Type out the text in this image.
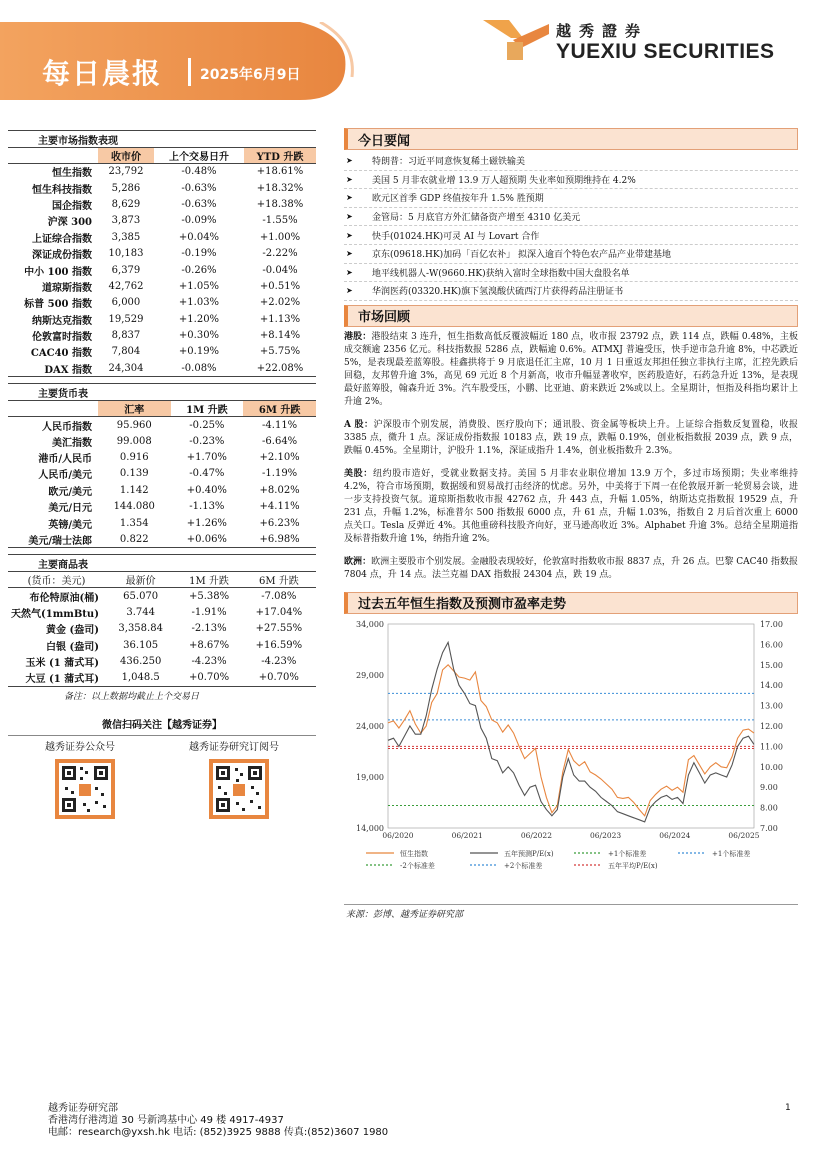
每日晨报	2025年6月9日
越秀證券
YUEXIU SECURITIES
主要市场指数表现
	收市价	上个交易日升	YTD 升跌
恒生指数	23,792	-0.48%	+18.61%
恒生科技指数	5,286	-0.63%	+18.32%
国企指数	8,629	-0.63%	+18.38%
沪深 300	3,873	-0.09%	-1.55%
上证综合指数	3,385	+0.04%	+1.00%
深证成份指数	10,183	-0.19%	-2.22%
中小 100 指数	6,379	-0.26%	-0.04%
道琼斯指数	42,762	+1.05%	+0.51%
标普 500 指数	6,000	+1.03%	+2.02%
纳斯达克指数	19,529	+1.20%	+1.13%
伦敦富时指数	8,837	+0.30%	+8.14%
CAC40 指数	7,804	+0.19%	+5.75%
DAX 指数	24,304	-0.08%	+22.08%
主要货币表
	汇率	1M 升跌	6M 升跌
人民币指数	95.960	-0.25%	-4.11%
美汇指数	99.008	-0.23%	-6.64%
港币/人民币	0.916	+1.70%	+2.10%
人民币/美元	0.139	-0.47%	-1.19%
欧元/美元	1.142	+0.40%	+8.02%
美元/日元	144.080	-1.13%	+4.11%
英镑/美元	1.354	+1.26%	+6.23%
美元/瑞士法郎	0.822	+0.06%	+6.98%
主要商品表
(货币：美元)	最新价	1M 升跌	6M 升跌
布伦特原油(桶)	65.070	+5.38%	-7.08%
天然气(1mmBtu)	3.744	-1.91%	+17.04%
黄金 (盎司)	3,358.84	-2.13%	+27.55%
白银 (盎司)	36.105	+8.67%	+16.59%
玉米 (1 蒲式耳)	436.250	-4.23%	-4.23%
大豆 (1 蒲式耳)	1,048.5	+0.70%	+0.70%
备注：以上数据均截止上个交易日
微信扫码关注【越秀证券】
越秀证券公众号	越秀证券研究订阅号
今日要闻
➤	特朗普：习近平同意恢复稀土磁铁输美
➤	美国 5 月非农就业增 13.9 万人超预期 失业率如预期维持在 4.2%
➤	欧元区首季 GDP 终值按年升 1.5% 胜预期
➤	金管局：5 月底官方外汇储备资产增至 4310 亿美元
➤	快手(01024.HK)可灵 AI 与 Lovart 合作
➤	京东(09618.HK)加码「百亿农补」 拟深入逾百个特色农产品产业带建基地
➤	地平线机器人-W(9660.HK)获纳入富时全球指数中国大盘股名单
➤	华润医药(03320.HK)旗下氢溴酸伏硫西汀片获得药品注册证书
市场回顾

港股：港股结束 3 连升，恒生指数高低反覆波幅近 180 点，收市报 23792 点，跌 114 点，跌幅 0.48%，主板成交额逾 2356 亿元。科技指数报 5286 点，跌幅逾 0.6%。ATMXJ 普遍受压，快手逆市急升逾 8%，中芯跌近 5%，是表现最差蓝筹股。桂鑫拱将于 9 月底退任汇主席，10 月 1 日重返友邦担任独立非执行主席，汇控先跌后回稳，友邦曾升逾 3%，高见 69 元近 8 个月新高，收市升幅显著收窄，医药股造好，石药急升近 13%，是表现最好蓝筹股，翰森升近 3%。汽车股受压，小鹏、比亚迪、蔚来跌近 2%或以上。全星期计，恒指及科指均累计上升逾 2%。

A 股：沪深股市个别发展，消费股、医疗股向下；通讯股、资金属等板块上升。上证综合指数反复置稳，收报 3385 点，微升 1 点。深证成份指数报 10183 点，跌 19 点，跌幅 0.19%，创业板指数报 2039 点，跌 9 点，跌幅 0.45%。全星期计，沪股升 1.1%，深证成指升 1.4%，创业板指数升 2.3%。

美股：纽约股市造好，受就业数据支持。美国 5 月非农业职位增加 13.9 万个，多过市场预期；失业率维持 4.2%，符合市场预期，数据缓和贸易战打击经济的忧虑。另外，中美将于下周一在伦敦展开新一轮贸易会谈，进一步支持投资气氛。道琼斯指数收市报 42762 点，升 443 点，升幅 1.05%，纳斯达克指数报 19529 点，升 231 点，升幅 1.2%，标准普尔 500 指数报 6000 点，升 61 点，升幅 1.03%，指数自 2 月后首次重上 6000 点关口。Tesla 反弹近 4%。其他重磅科技股齐向好，亚马逊高收近 3%。Alphabet 升逾 3%。总结全星期道指及标普指数升逾 1%，纳指升逾 2%。

欧洲：欧洲主要股市个别发展。金融股表现较好，伦敦富时指数收市报 8837 点，升 26 点。巴黎 CAC40 指数报 7804 点，升 14 点。法兰克福 DAX 指数报 24304 点，跌 19 点。

过去五年恒生指数及预测市盈率走势
34,000
29,000
24,000
19,000
14,000
17.00
16.00
15.00
14.00
13.00
12.00
11.00
10.00
9.00
8.00
7.00
06/2020	06/2021	06/2022	06/2023	06/2024	06/2025
恒生指数	五年预测P/E(x)	+1个标准差	+1个标准差
-2个标准差	+2个标准差	五年平均P/E(x)
来源：彭博、越秀证券研究部
越秀证券研究部
香港湾仔港湾道 30 号新鸿基中心 49 楼 4917-4937
电邮：research@yxsh.hk 电话: (852)3925 9888 传真:(852)3607 1980
1
